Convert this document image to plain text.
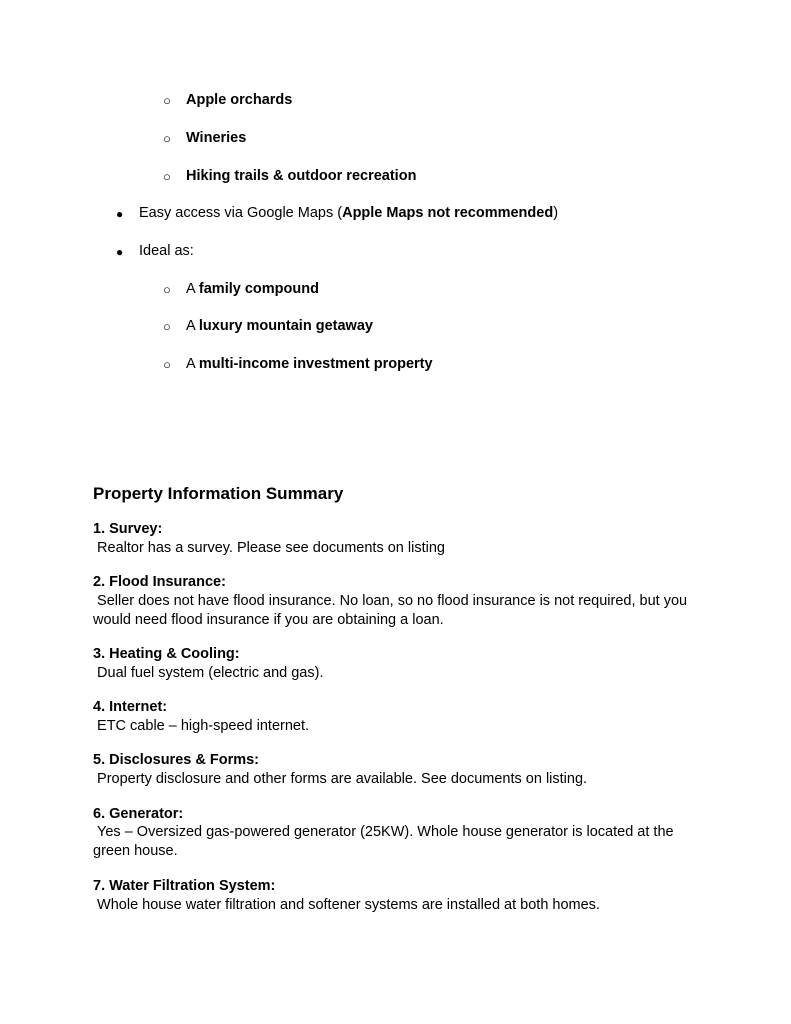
○ Apple orchards
○ Wineries
○ Hiking trails & outdoor recreation
● Easy access via Google Maps (Apple Maps not recommended)
● Ideal as:
○ A family compound
○ A luxury mountain getaway
○ A multi-income investment property
Property Information Summary
1. Survey:
Realtor has a survey. Please see documents on listing
2. Flood Insurance:
Seller does not have flood insurance. No loan, so no flood insurance is not required, but you would need flood insurance if you are obtaining a loan.
3. Heating & Cooling:
Dual fuel system (electric and gas).
4. Internet:
ETC cable – high-speed internet.
5. Disclosures & Forms:
Property disclosure and other forms are available. See documents on listing.
6. Generator:
Yes – Oversized gas-powered generator (25KW). Whole house generator is located at the green house.
7. Water Filtration System:
Whole house water filtration and softener systems are installed at both homes.
